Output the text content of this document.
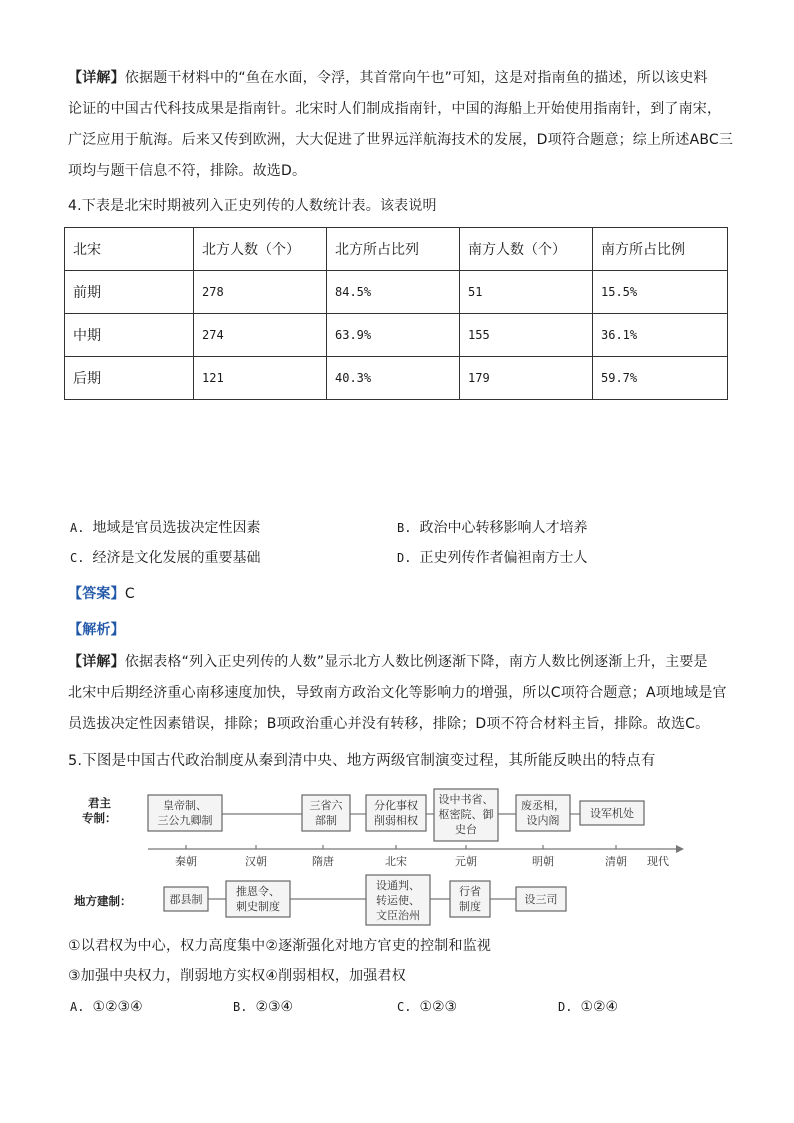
【详解】依据题干材料中的“鱼在水面，令浮，其首常向午也”可知，这是对指南鱼的描述，所以该史料
论证的中国古代科技成果是指南针。北宋时人们制成指南针，中国的海船上开始使用指南针，到了南宋，
广泛应用于航海。后来又传到欧洲，大大促进了世界远洋航海技术的发展，D项符合题意；综上所述ABC三
项均与题干信息不符，排除。故选D。
4.下表是北宋时期被列入正史列传的人数统计表。该表说明
北宋	北方人数（个）	北方所占比列	南方人数（个）	南方所占比例
前期	278	84.5%	51	15.5%
中期	274	63.9%	155	36.1%
后期	121	40.3%	179	59.7%
A. 地域是官员选拔决定性因素	B. 政治中心转移影响人才培养
C. 经济是文化发展的重要基础	D. 正史列传作者偏袒南方士人
【答案】C
【解析】
【详解】依据表格“列入正史列传的人数”显示北方人数比例逐渐下降，南方人数比例逐渐上升，主要是
北宋中后期经济重心南移速度加快，导致南方政治文化等影响力的增强，所以C项符合题意；A项地域是官
员选拔决定性因素错误，排除；B项政治重心并没有转移，排除；D项不符合材料主旨，排除。故选C。
5.下图是中国古代政治制度从秦到清中央、地方两级官制演变过程，其所能反映出的特点有
君主
专制：
地方建制：
皇帝制、
三公九卿制
三省六
部制
分化事权
削弱相权
设中书省、
枢密院、御
史台
废丞相，
设内阁
设军机处
秦朝	汉朝	隋唐	北宋	元朝	明朝	清朝 现代
郡县制
推恩令、
刺史制度
设通判、
转运使、
文臣治州
行省
制度
设三司
①以君权为中心，权力高度集中②逐渐强化对地方官吏的控制和监视
③加强中央权力，削弱地方实权④削弱相权，加强君权
A. ①②③④	B. ②③④	C. ①②③	D. ①②④
